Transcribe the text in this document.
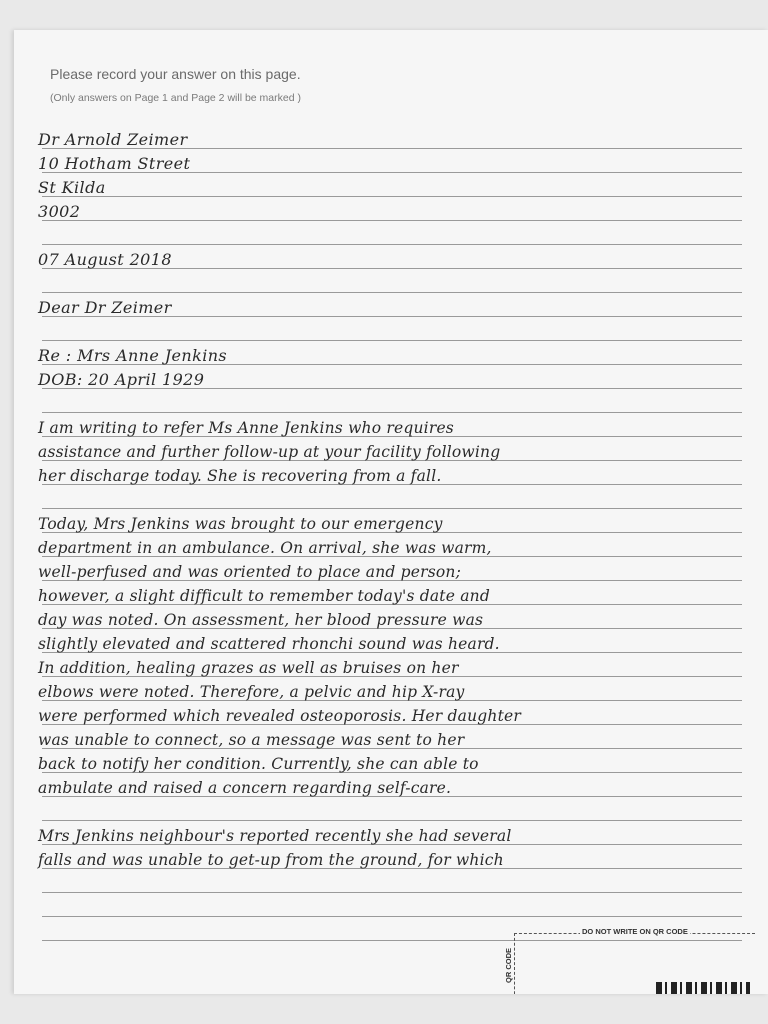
Please record your answer on this page.
(Only answers on Page 1 and Page 2 will be marked )
Dr Arnold Zeimer
10 Hotham Street
St Kilda
3002
07 August 2018
Dear Dr Zeimer
Re : Mrs Anne Jenkins
DOB: 20 April 1929
I am writing to refer Ms Anne Jenkins who requires
assistance and further follow-up at your facility following
her discharge today. She is recovering from a fall.
Today, Mrs Jenkins was brought to our emergency
department in an ambulance. On arrival, she was warm,
well-perfused and was oriented to place and person;
however, a slight difficult to remember today's date and
day was noted. On assessment, her blood pressure was
slightly elevated and scattered rhonchi sound was heard.
In addition, healing grazes as well as bruises on her
elbows were noted. Therefore, a pelvic and hip X-ray
were performed which revealed osteoporosis. Her daughter
was unable to connect, so a message was sent to her
back to notify her condition. Currently, she can able to
ambulate and raised a concern regarding self-care.
Mrs Jenkins neighbour's reported recently she had several
falls and was unable to get-up from the ground, for which
DO NOT WRITE ON QR CODE
QR CODE
